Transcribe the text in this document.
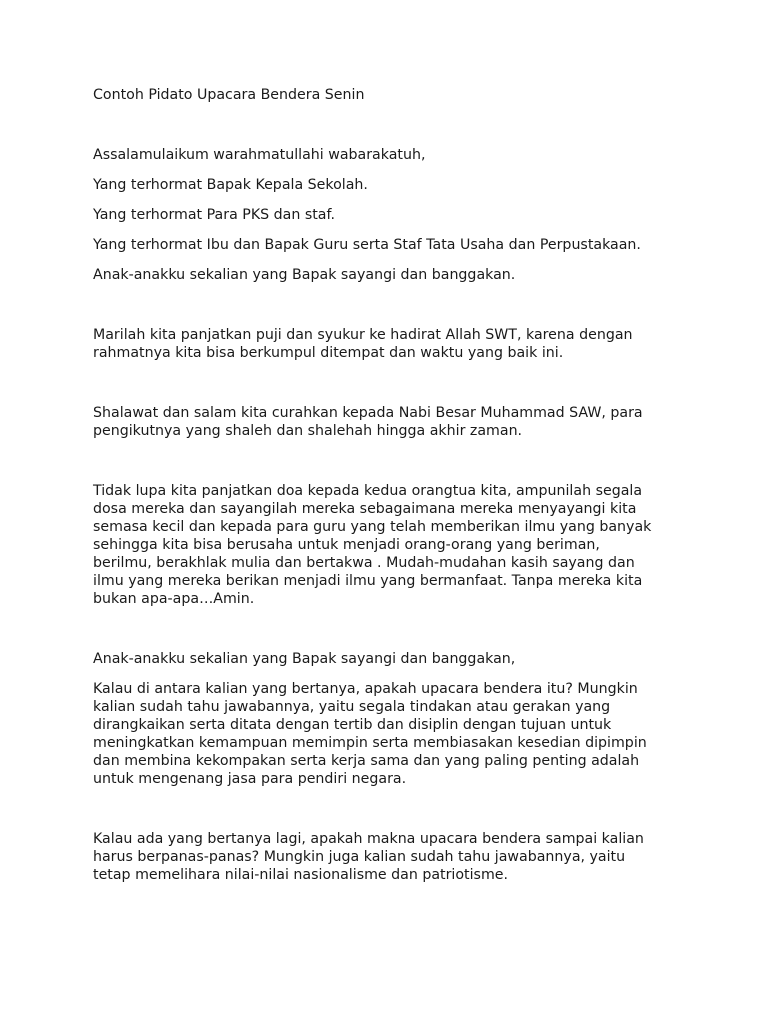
Contoh Pidato Upacara Bendera Senin
Assalamulaikum warahmatullahi wabarakatuh,
Yang terhormat Bapak Kepala Sekolah.
Yang terhormat Para PKS dan staf.
Yang terhormat Ibu dan Bapak Guru serta Staf Tata Usaha dan Perpustakaan.
Anak-anakku sekalian yang Bapak sayangi dan banggakan.
Marilah kita panjatkan puji dan syukur ke hadirat Allah SWT, karena dengan rahmatnya kita bisa berkumpul ditempat dan waktu yang baik ini.
Shalawat dan salam kita curahkan kepada Nabi Besar Muhammad SAW, para pengikutnya yang shaleh dan shalehah hingga akhir zaman.
Tidak lupa kita panjatkan doa kepada kedua orangtua kita, ampunilah segala dosa mereka dan sayangilah mereka sebagaimana mereka menyayangi kita semasa kecil dan kepada para guru yang telah memberikan ilmu yang banyak sehingga kita bisa berusaha untuk menjadi orang-orang yang beriman, berilmu, berakhlak mulia dan bertakwa . Mudah-mudahan kasih sayang dan ilmu yang mereka berikan menjadi ilmu yang bermanfaat. Tanpa mereka kita bukan apa-apa…Amin.
Anak-anakku sekalian yang Bapak sayangi dan banggakan,
Kalau di antara kalian yang bertanya, apakah upacara bendera itu? Mungkin kalian sudah tahu jawabannya, yaitu segala tindakan atau gerakan yang dirangkaikan serta ditata dengan tertib dan disiplin dengan tujuan untuk meningkatkan kemampuan memimpin serta membiasakan kesedian dipimpin dan membina kekompakan serta kerja sama dan yang paling penting adalah untuk mengenang jasa para pendiri negara.
Kalau ada yang bertanya lagi, apakah makna upacara bendera sampai kalian harus berpanas-panas? Mungkin juga kalian sudah tahu jawabannya, yaitu tetap memelihara nilai-nilai nasionalisme dan patriotisme.
